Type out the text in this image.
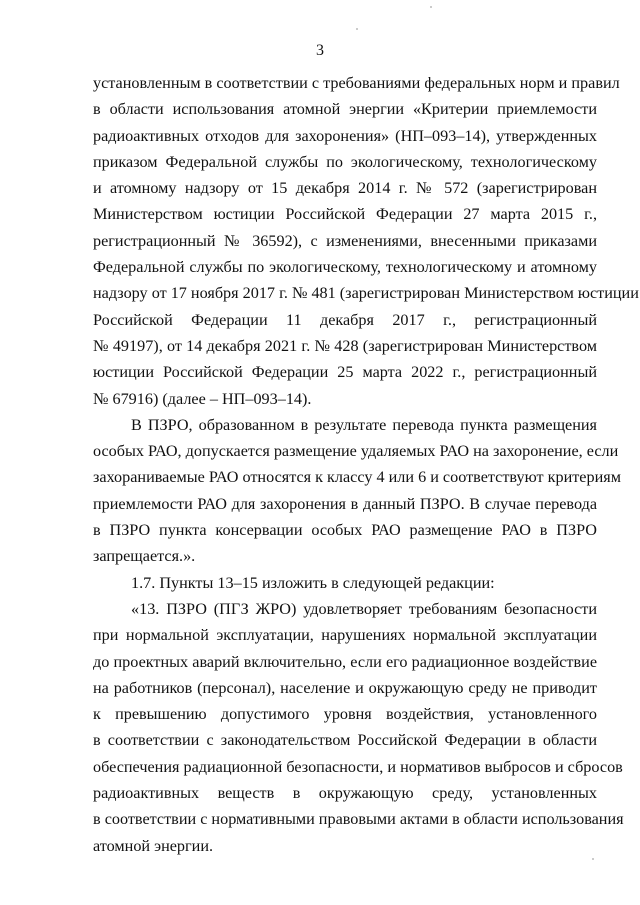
3
установленным в соответствии с требованиями федеральных норм и правил
в области использования атомной энергии «Критерии приемлемости
радиоактивных отходов для захоронения» (НП–093–14), утвержденных
приказом Федеральной службы по экологическому, технологическому
и атомному надзору от 15 декабря 2014 г. № 572 (зарегистрирован
Министерством юстиции Российской Федерации 27 марта 2015 г.,
регистрационный № 36592), с изменениями, внесенными приказами
Федеральной службы по экологическому, технологическому и атомному
надзору от 17 ноября 2017 г. № 481 (зарегистрирован Министерством юстиции
Российской Федерации 11 декабря 2017 г., регистрационный
№ 49197), от 14 декабря 2021 г. № 428 (зарегистрирован Министерством
юстиции Российской Федерации 25 марта 2022 г., регистрационный
№ 67916) (далее – НП–093–14).
В ПЗРО, образованном в результате перевода пункта размещения
особых РАО, допускается размещение удаляемых РАО на захоронение, если
захораниваемые РАО относятся к классу 4 или 6 и соответствуют критериям
приемлемости РАО для захоронения в данный ПЗРО. В случае перевода
в ПЗРО пункта консервации особых РАО размещение РАО в ПЗРО
запрещается.».
1.7. Пункты 13–15 изложить в следующей редакции:
«13. ПЗРО (ПГЗ ЖРО) удовлетворяет требованиям безопасности
при нормальной эксплуатации, нарушениях нормальной эксплуатации
до проектных аварий включительно, если его радиационное воздействие
на работников (персонал), население и окружающую среду не приводит
к превышению допустимого уровня воздействия, установленного
в соответствии с законодательством Российской Федерации в области
обеспечения радиационной безопасности, и нормативов выбросов и сбросов
радиоактивных веществ в окружающую среду, установленных
в соответствии с нормативными правовыми актами в области использования
атомной энергии.
